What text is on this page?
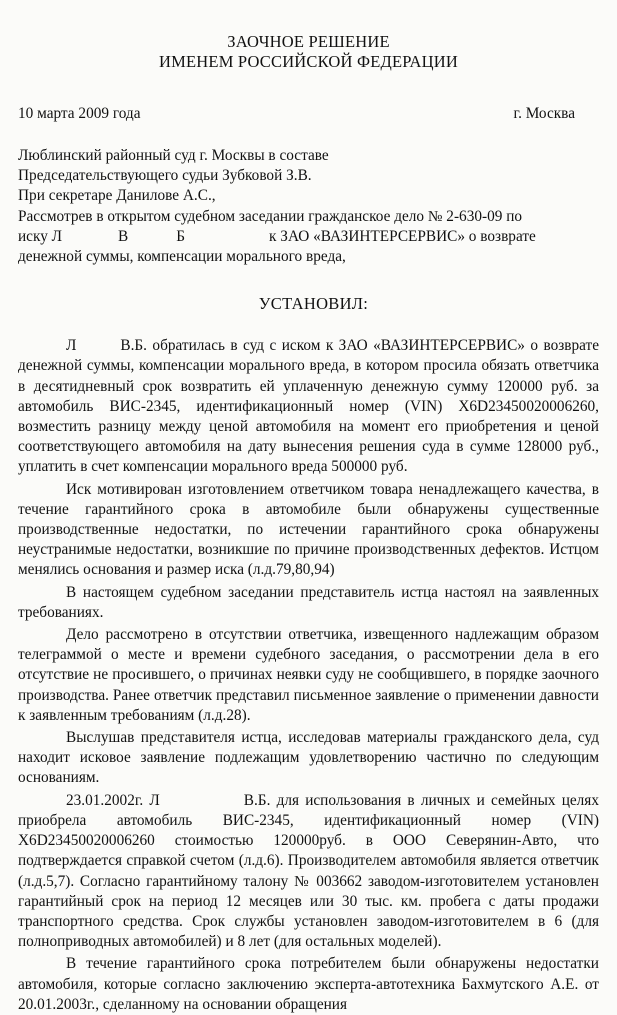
ЗАОЧНОЕ РЕШЕНИЕ
ИМЕНЕМ РОССИЙСКОЙ ФЕДЕРАЦИИ
10 марта 2009 года	г. Москва
Люблинский районный суд г. Москвы в составе
Председательствующего судьи Зубковой З.В.
При секретаре Данилове А.С.,
Рассмотрев в открытом судебном заседании гражданское дело № 2-630-09 по
иску Л	В	Б	к ЗАО «ВАЗИНТЕРСЕРВИС» о возврате
денежной суммы, компенсации морального вреда,
УСТАНОВИЛ:

Л	В.Б. обратилась в суд с иском к ЗАО «ВАЗИНТЕРСЕРВИС» о возврате денежной суммы, компенсации морального вреда, в котором просила обязать ответчика в десятидневный срок возвратить ей уплаченную денежную сумму 120000 руб. за автомобиль ВИС-2345, идентификационный номер (VIN) X6D23450020006260, возместить разницу между ценой автомобиля на момент его приобретения и ценой соответствующего автомобиля на дату вынесения решения суда в сумме 128000 руб., уплатить в счет компенсации морального вреда 500000 руб.

Иск мотивирован изготовлением ответчиком товара ненадлежащего качества, в течение гарантийного срока в автомобиле были обнаружены существенные производственные недостатки, по истечении гарантийного срока обнаружены неустранимые недостатки, возникшие по причине производственных дефектов. Истцом менялись основания и размер иска (л.д.79,80,94)

В настоящем судебном заседании представитель истца настоял на заявленных требованиях.

Дело рассмотрено в отсутствии ответчика, извещенного надлежащим образом телеграммой о месте и времени судебного заседания, о рассмотрении дела в его отсутствие не просившего, о причинах неявки суду не сообщившего, в порядке заочного производства. Ранее ответчик представил письменное заявление о применении давности к заявленным требованиям (л.д.28).

Выслушав представителя истца, исследовав материалы гражданского дела, суд находит исковое заявление подлежащим удовлетворению частично по следующим основаниям.

23.01.2002г. Л	В.Б. для использования в личных и семейных целях приобрела автомобиль ВИС-2345, идентификационный номер (VIN) X6D23450020006260 стоимостью 120000руб. в ООО Северянин-Авто, что подтверждается справкой счетом (л.д.6). Производителем автомобиля является ответчик (л.д.5,7). Согласно гарантийному талону № 003662 заводом-изготовителем установлен гарантийный срок на период 12 месяцев или 30 тыс. км. пробега с даты продажи транспортного средства. Срок службы установлен заводом-изготовителем в 6 (для полноприводных автомобилей) и 8 лет (для остальных моделей).

В течение гарантийного срока потребителем были обнаружены недостатки автомобиля, которые согласно заключению эксперта-автотехника Бахмутского А.Е. от 20.01.2003г., сделанному на основании обращения
